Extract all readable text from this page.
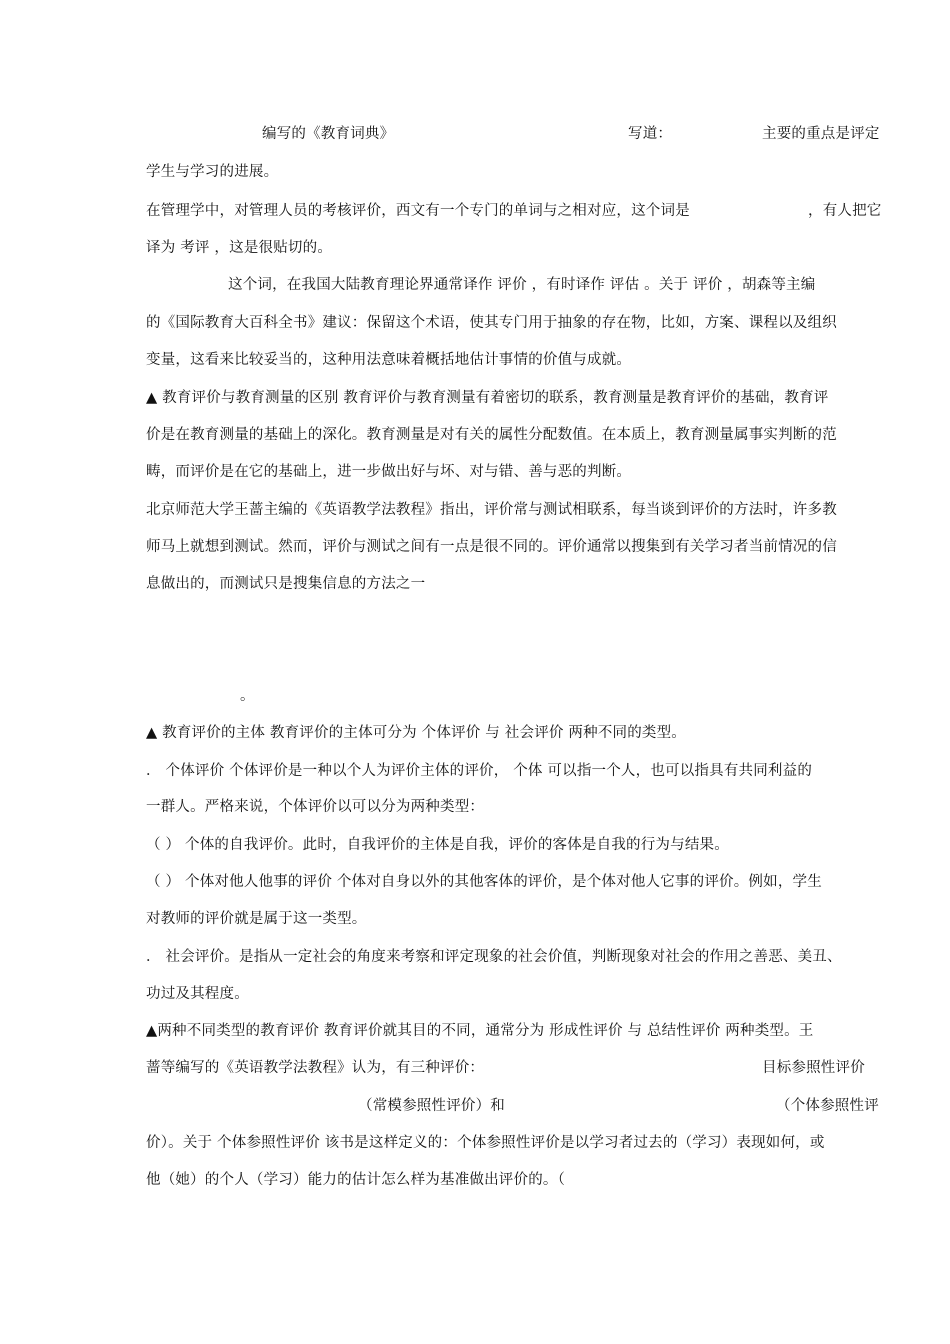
编写的《教育词典》	写道：	主要的重点是评定
学生与学习的进展。
在管理学中，对管理人员的考核评价，西文有一个专门的单词与之相对应，这个词是	，有人把它
译为 考评 ，这是很贴切的。
这个词，在我国大陆教育理论界通常译作 评价 ，有时译作 评估 。关于 评价 ，胡森等主编
的《国际教育大百科全书》建议：保留这个术语，使其专门用于抽象的存在物，比如，方案、课程以及组织
变量，这看来比较妥当的，这种用法意味着概括地估计事情的价值与成就。
▲ 教育评价与教育测量的区别 教育评价与教育测量有着密切的联系，教育测量是教育评价的基础，教育评
价是在教育测量的基础上的深化。教育测量是对有关的属性分配数值。在本质上，教育测量属事实判断的范
畴，而评价是在它的基础上，进一步做出好与坏、对与错、善与恶的判断。
北京师范大学王蔷主编的《英语教学法教程》指出，评价常与测试相联系，每当谈到评价的方法时，许多教
师马上就想到测试。然而，评价与测试之间有一点是很不同的。评价通常以搜集到有关学习者当前情况的信
息做出的，而测试只是搜集信息的方法之一
。
▲ 教育评价的主体 教育评价的主体可分为 个体评价 与 社会评价 两种不同的类型。
． 个体评价 个体评价是一种以个人为评价主体的评价， 个体 可以指一个人，也可以指具有共同利益的
一群人。严格来说，个体评价以可以分为两种类型：
（ ） 个体的自我评价。此时，自我评价的主体是自我，评价的客体是自我的行为与结果。
（ ） 个体对他人他事的评价 个体对自身以外的其他客体的评价，是个体对他人它事的评价。例如，学生
对教师的评价就是属于这一类型。
． 社会评价。是指从一定社会的角度来考察和评定现象的社会价值，判断现象对社会的作用之善恶、美丑、
功过及其程度。
▲两种不同类型的教育评价 教育评价就其目的不同，通常分为 形成性评价 与 总结性评价 两种类型。王
蔷等编写的《英语教学法教程》认为，有三种评价：	目标参照性评价
（常模参照性评价）和	（个体参照性评
价）。关于 个体参照性评价 该书是这样定义的：个体参照性评价是以学习者过去的（学习）表现如何，或
他（她）的个人（学习）能力的估计怎么样为基准做出评价的。（
